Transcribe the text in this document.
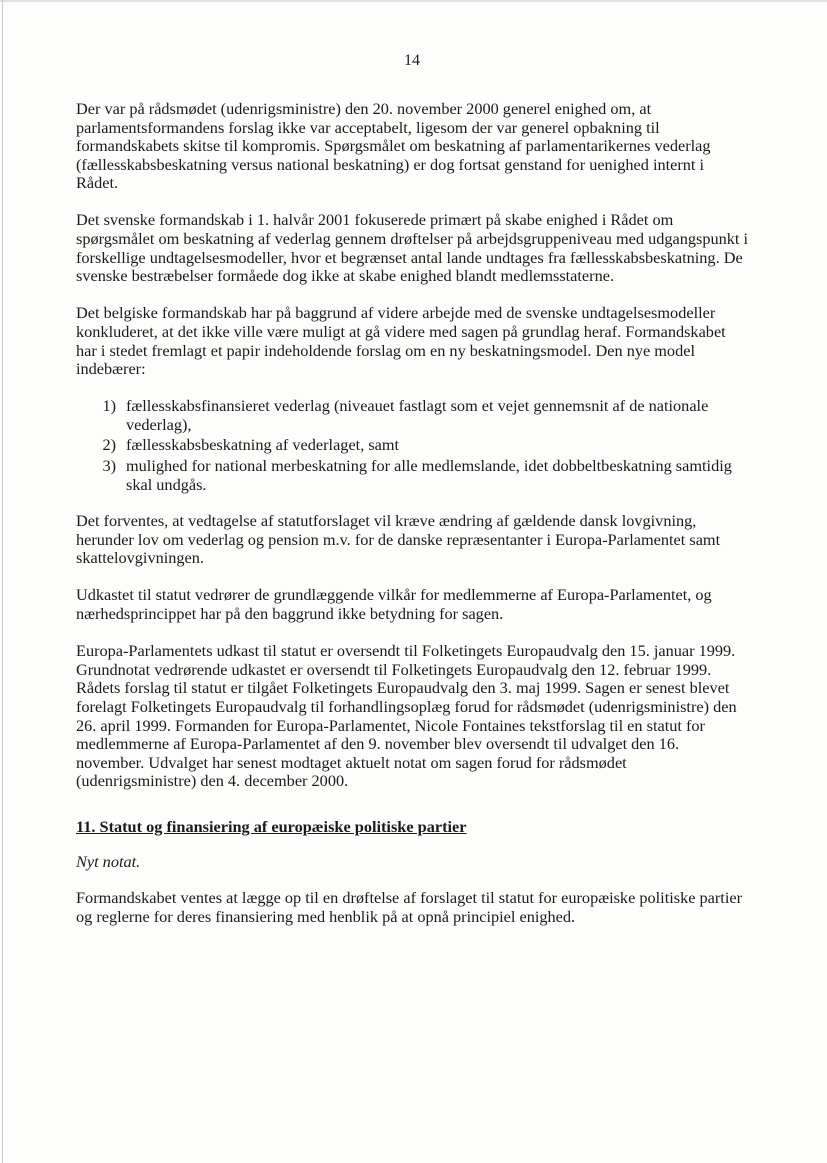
14

Der var på rådsmødet (udenrigsministre) den 20. november 2000 generel enighed om, at parlamentsformandens forslag ikke var acceptabelt, ligesom der var generel opbakning til formandskabets skitse til kompromis. Spørgsmålet om beskatning af parlamentarikernes vederlag (fællesskabsbeskatning versus national beskatning) er dog fortsat genstand for uenighed internt i Rådet.

Det svenske formandskab i 1. halvår 2001 fokuserede primært på skabe enighed i Rådet om spørgsmålet om beskatning af vederlag gennem drøftelser på arbejdsgruppeniveau med udgangspunkt i forskellige undtagelsesmodeller, hvor et begrænset antal lande undtages fra fællesskabsbeskatning. De svenske bestræbelser formåede dog ikke at skabe enighed blandt medlemsstaterne.

Det belgiske formandskab har på baggrund af videre arbejde med de svenske undtagelsesmodeller konkluderet, at det ikke ville være muligt at gå videre med sagen på grundlag heraf. Formandskabet har i stedet fremlagt et papir indeholdende forslag om en ny beskatningsmodel. Den nye model indebærer:

1) fællesskabsfinansieret vederlag (niveauet fastlagt som et vejet gennemsnit af de nationale vederlag),
2) fællesskabsbeskatning af vederlaget, samt
3) mulighed for national merbeskatning for alle medlemslande, idet dobbeltbeskatning samtidig skal undgås.

Det forventes, at vedtagelse af statutforslaget vil kræve ændring af gældende dansk lovgivning, herunder lov om vederlag og pension m.v. for de danske repræsentanter i Europa-Parlamentet samt skattelovgivningen.

Udkastet til statut vedrører de grundlæggende vilkår for medlemmerne af Europa-Parlamentet, og nærhedsprincippet har på den baggrund ikke betydning for sagen.

Europa-Parlamentets udkast til statut er oversendt til Folketingets Europaudvalg den 15. januar 1999. Grundnotat vedrørende udkastet er oversendt til Folketingets Europaudvalg den 12. februar 1999. Rådets forslag til statut er tilgået Folketingets Europaudvalg den 3. maj 1999. Sagen er senest blevet forelagt Folketingets Europaudvalg til forhandlingsoplæg forud for rådsmødet (udenrigsministre) den 26. april 1999. Formanden for Europa-Parlamentet, Nicole Fontaines tekstforslag til en statut for medlemmerne af Europa-Parlamentet af den 9. november blev oversendt til udvalget den 16. november. Udvalget har senest modtaget aktuelt notat om sagen forud for rådsmødet (udenrigsministre) den 4. december 2000.

11. Statut og finansiering af europæiske politiske partier

Nyt notat.

Formandskabet ventes at lægge op til en drøftelse af forslaget til statut for europæiske politiske partier og reglerne for deres finansiering med henblik på at opnå principiel enighed.
